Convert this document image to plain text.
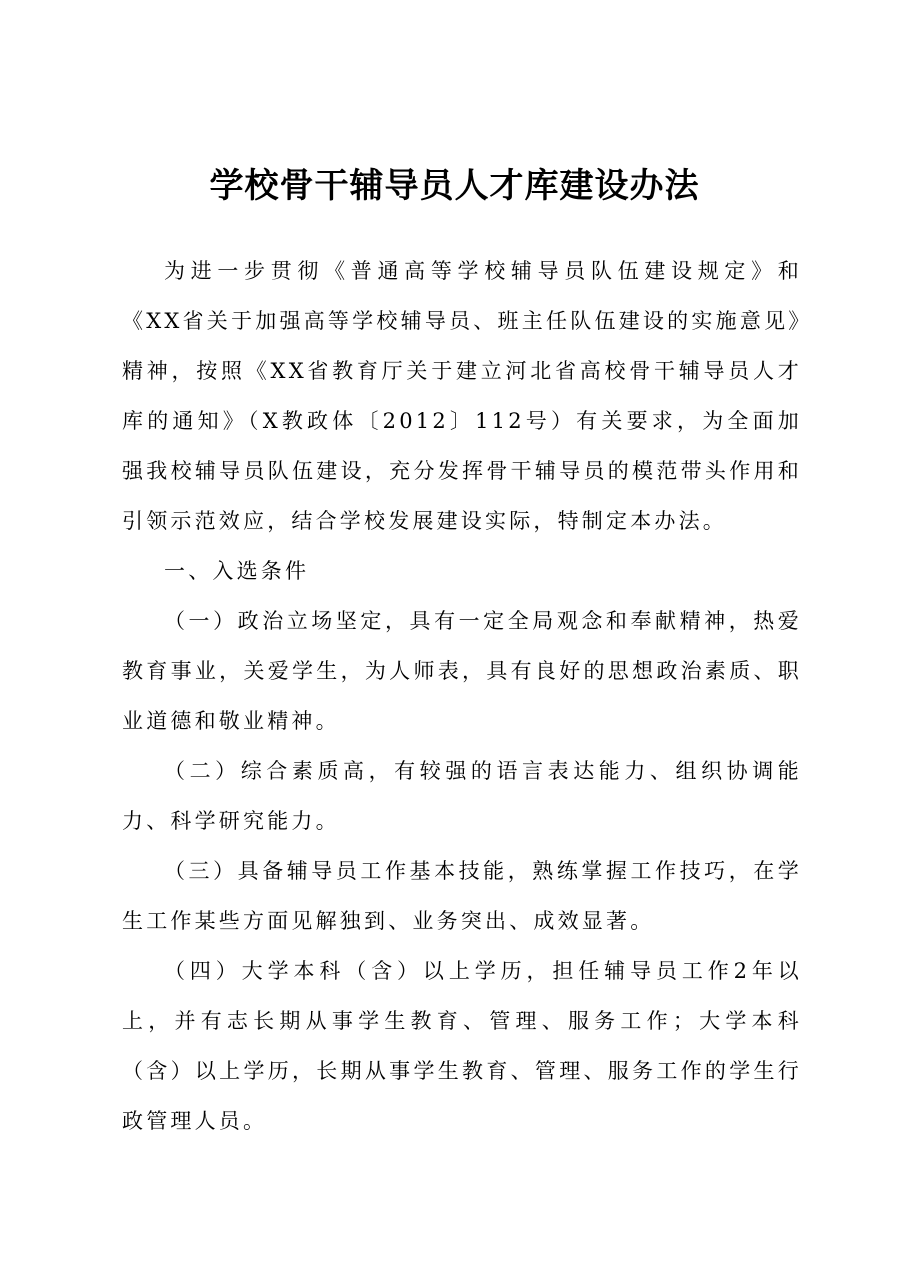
学校骨干辅导员人才库建设办法

为进一步贯彻《普通高等学校辅导员队伍建设规定》和《XX省关于加强高等学校辅导员、班主任队伍建设的实施意见》精神，按照《XX省教育厅关于建立河北省高校骨干辅导员人才库的通知》（X教政体〔2012〕112号）有关要求，为全面加强我校辅导员队伍建设，充分发挥骨干辅导员的模范带头作用和引领示范效应，结合学校发展建设实际，特制定本办法。

一、入选条件

（一）政治立场坚定，具有一定全局观念和奉献精神，热爱教育事业，关爱学生，为人师表，具有良好的思想政治素质、职业道德和敬业精神。

（二）综合素质高，有较强的语言表达能力、组织协调能力、科学研究能力。

（三）具备辅导员工作基本技能，熟练掌握工作技巧，在学生工作某些方面见解独到、业务突出、成效显著。

（四）大学本科（含）以上学历，担任辅导员工作2年以上，并有志长期从事学生教育、管理、服务工作；大学本科（含）以上学历，长期从事学生教育、管理、服务工作的学生行政管理人员。
